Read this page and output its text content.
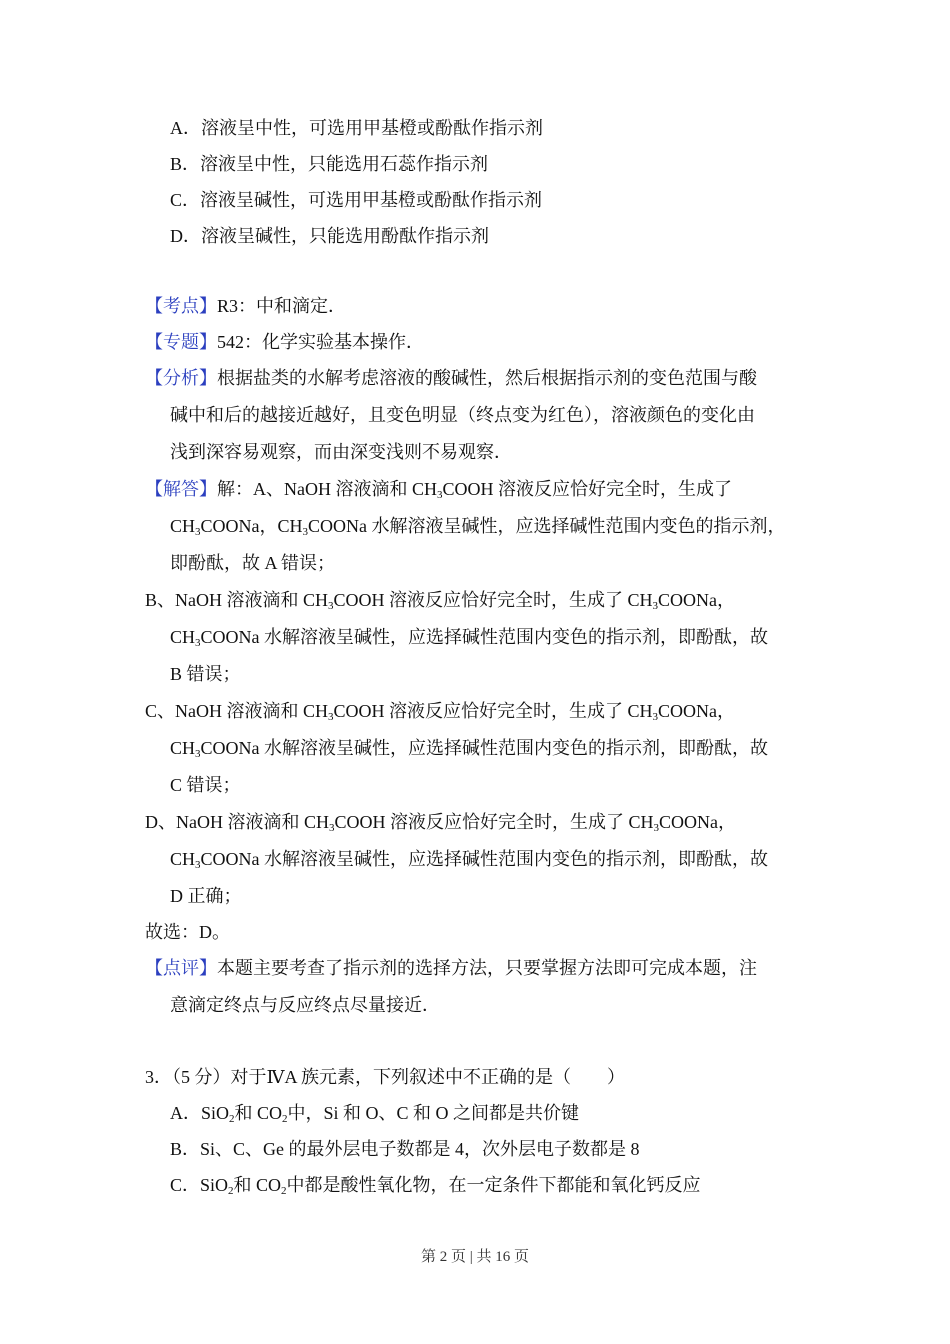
A．溶液呈中性，可选用甲基橙或酚酞作指示剂
B．溶液呈中性，只能选用石蕊作指示剂
C．溶液呈碱性，可选用甲基橙或酚酞作指示剂
D．溶液呈碱性，只能选用酚酞作指示剂
【考点】R3：中和滴定．
【专题】542：化学实验基本操作．
【分析】根据盐类的水解考虑溶液的酸碱性，然后根据指示剂的变色范围与酸
碱中和后的越接近越好，且变色明显（终点变为红色），溶液颜色的变化由
浅到深容易观察，而由深变浅则不易观察．
【解答】解：A、NaOH 溶液滴和 $CH_3COOH$ 溶液反应恰好完全时，生成了
$CH_3COONa$，$CH_3COONa$ 水解溶液呈碱性，应选择碱性范围内变色的指示剂，
即酚酞，故 A 错误；
B、NaOH 溶液滴和 $CH_3COOH$ 溶液反应恰好完全时，生成了 $CH_3COONa$，
$CH_3COONa$ 水解溶液呈碱性，应选择碱性范围内变色的指示剂，即酚酞，故
B 错误；
C、NaOH 溶液滴和 $CH_3COOH$ 溶液反应恰好完全时，生成了 $CH_3COONa$，
$CH_3COONa$ 水解溶液呈碱性，应选择碱性范围内变色的指示剂，即酚酞，故
C 错误；
D、NaOH 溶液滴和 $CH_3COOH$ 溶液反应恰好完全时，生成了 $CH_3COONa$，
$CH_3COONa$ 水解溶液呈碱性，应选择碱性范围内变色的指示剂，即酚酞，故
D 正确；
故选：D。
【点评】本题主要考查了指示剂的选择方法，只要掌握方法即可完成本题，注
意滴定终点与反应终点尽量接近．
3．（5 分）对于ⅣA 族元素，下列叙述中不正确的是（　　）
A．SiO$_2$和 $CO_2$中，Si 和 O、C 和 O 之间都是共价键
B．Si、C、Ge 的最外层电子数都是 4，次外层电子数都是 8
C．SiO$_2$和 $CO_2$中都是酸性氧化物，在一定条件下都能和氧化钙反应
第 2 页 | 共 16 页
